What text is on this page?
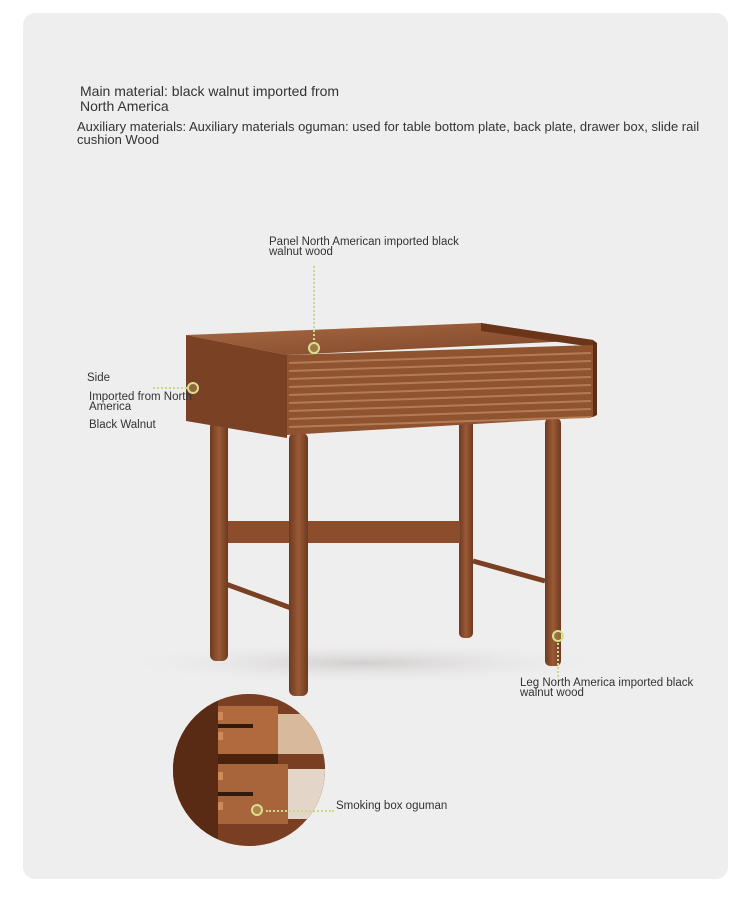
Main material: black walnut imported from North America
Auxiliary materials: Auxiliary materials oguman: used for table bottom plate, back plate, drawer box, slide rail cushion Wood
Panel North American imported black walnut wood
Side
Imported from North America
Black Walnut
Leg North America imported black walnut wood
Smoking box oguman
